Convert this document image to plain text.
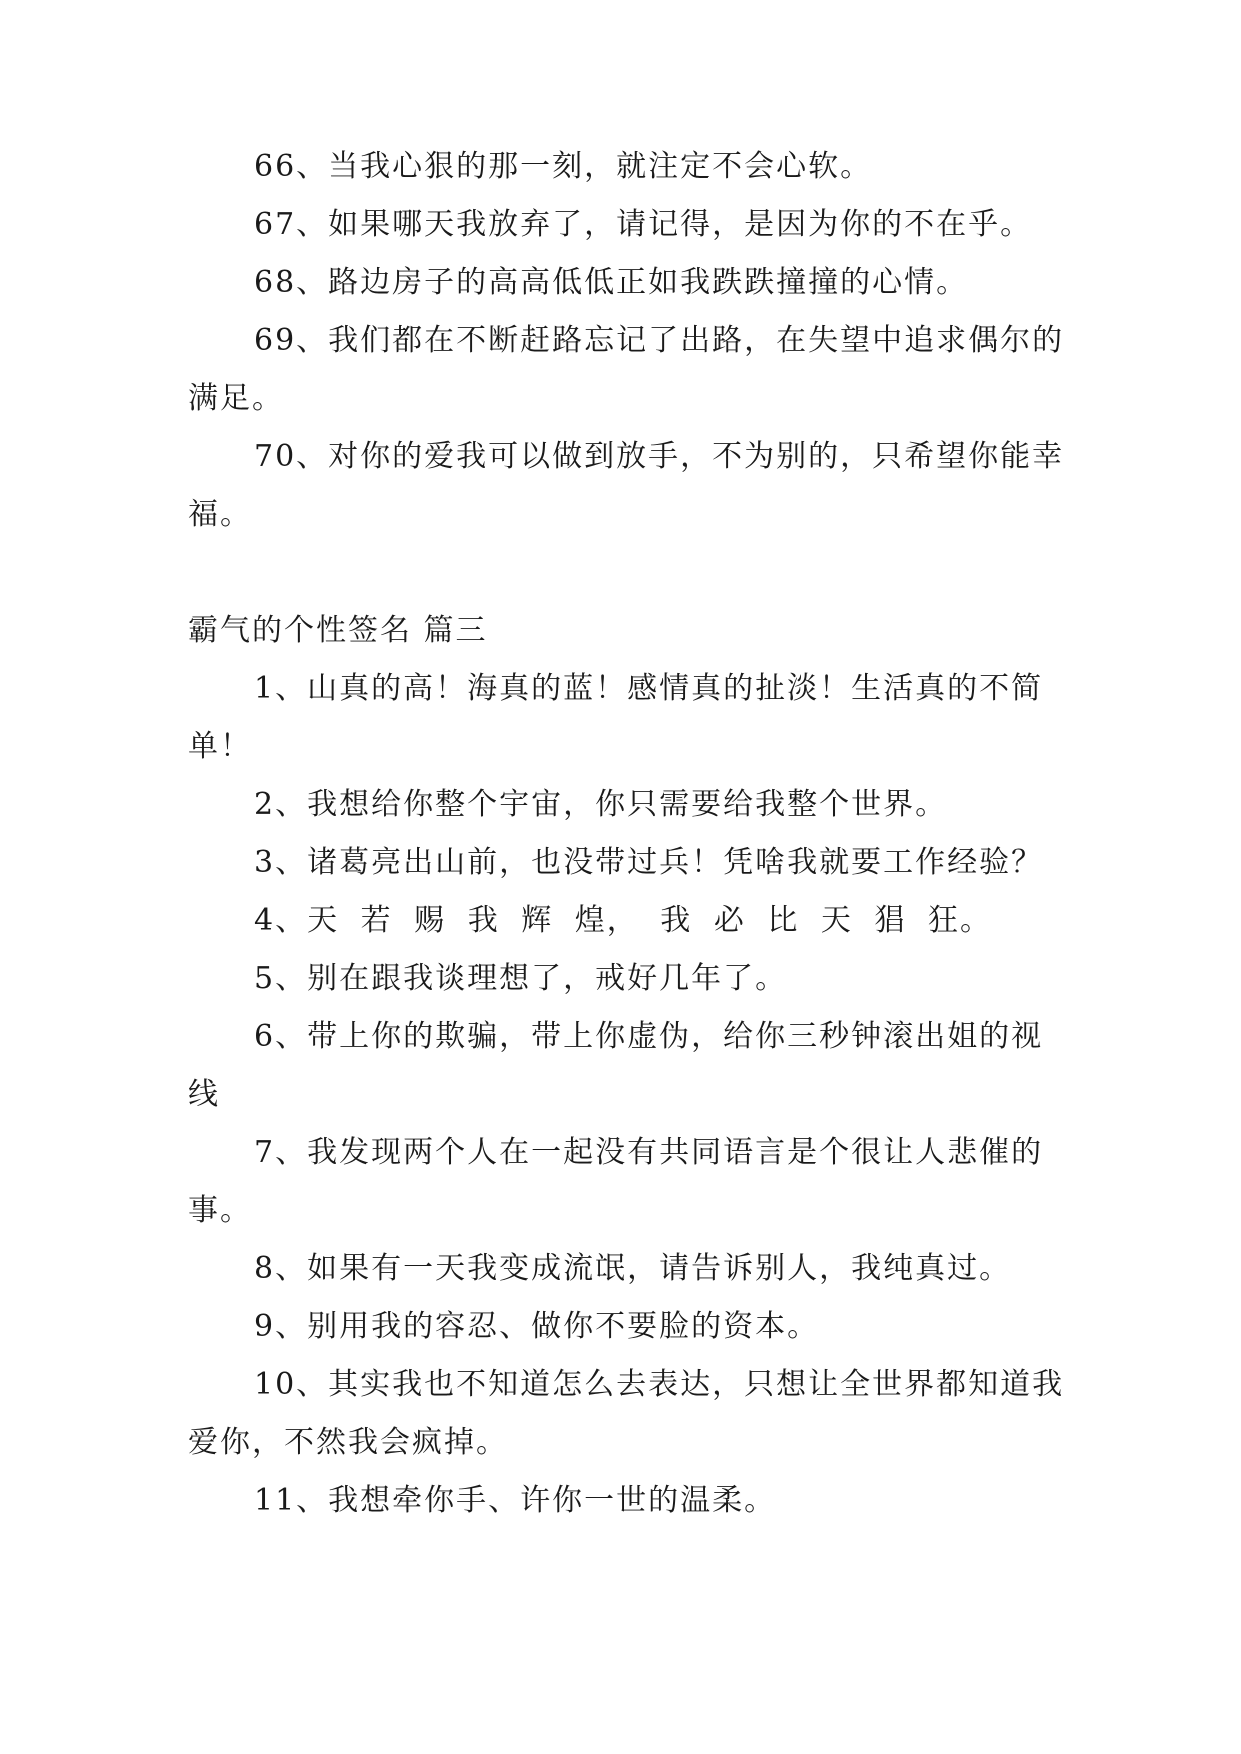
66、当我心狠的那一刻，就注定不会心软。

67、如果哪天我放弃了，请记得，是因为你的不在乎。

68、路边房子的高高低低正如我跌跌撞撞的心情。

69、我们都在不断赶路忘记了出路，在失望中追求偶尔的满足。

70、对你的爱我可以做到放手，不为别的，只希望你能幸福。

霸气的个性签名 篇三

1、山真的高！海真的蓝！感情真的扯淡！生活真的不简单！

2、我想给你整个宇宙，你只需要给我整个世界。

3、诸葛亮出山前，也没带过兵！凭啥我就要工作经验？

4、天 若 赐 我 辉 煌， 我 必 比 天 猖 狂。

5、别在跟我谈理想了，戒好几年了。

6、带上你的欺骗，带上你虚伪，给你三秒钟滚出姐的视线

7、我发现两个人在一起没有共同语言是个很让人悲催的事。

8、如果有一天我变成流氓，请告诉别人，我纯真过。

9、别用我的容忍、做你不要脸的资本。

10、其实我也不知道怎么去表达，只想让全世界都知道我爱你，不然我会疯掉。

11、我想牵你手、许你一世的温柔。
